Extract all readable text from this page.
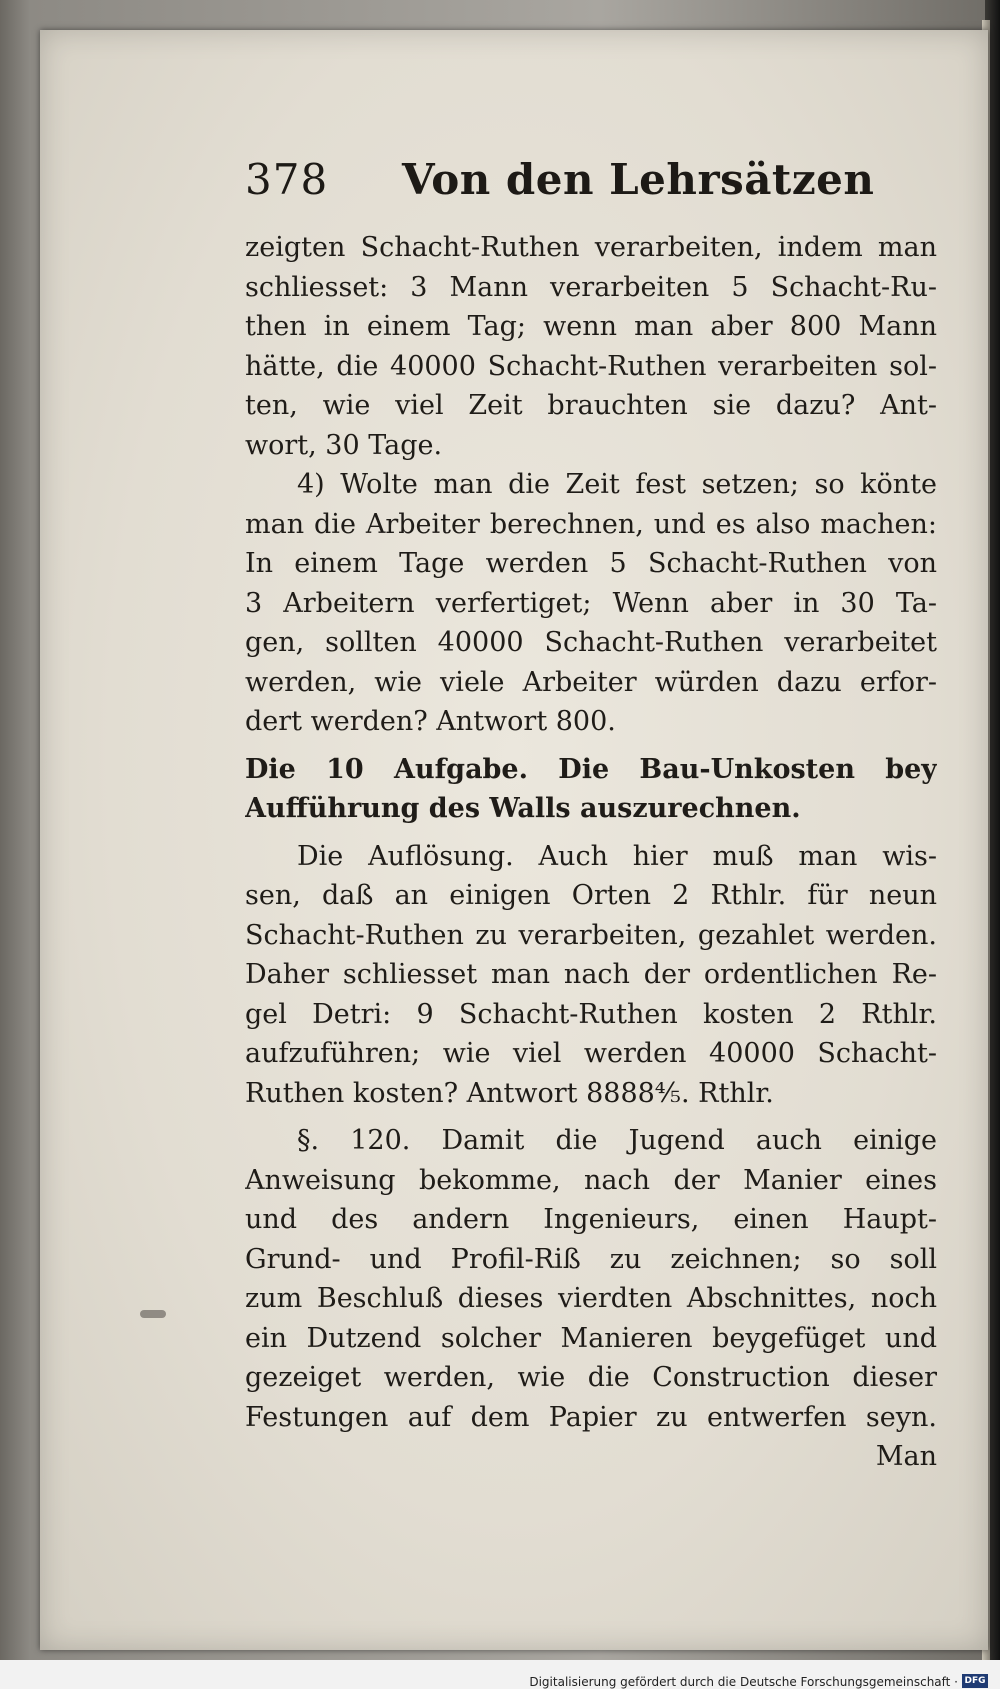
378 Von den Lehrsätzen
zeigten Schacht-Ruthen verarbeiten, indem man
schliesset: 3 Mann verarbeiten 5 Schacht-Ru-
then in einem Tag; wenn man aber 800 Mann
hätte, die 40000 Schacht-Ruthen verarbeiten sol-
ten, wie viel Zeit brauchten sie dazu? Ant-
wort, 30 Tage.
4) Wolte man die Zeit fest setzen; so könte
man die Arbeiter berechnen, und es also machen:
In einem Tage werden 5 Schacht-Ruthen von
3 Arbeitern verfertiget; Wenn aber in 30 Ta-
gen, sollten 40000 Schacht-Ruthen verarbeitet
werden, wie viele Arbeiter würden dazu erfor-
dert werden? Antwort 800.
Die 10 Aufgabe. Die Bau-Unkosten bey
Aufführung des Walls auszurechnen.
Die Auflösung. Auch hier muß man wis-
sen, daß an einigen Orten 2 Rthlr. für neun
Schacht-Ruthen zu verarbeiten, gezahlet werden.
Daher schliesset man nach der ordentlichen Re-
gel Detri: 9 Schacht-Ruthen kosten 2 Rthlr.
aufzuführen; wie viel werden 40000 Schacht-
Ruthen kosten? Antwort 8888⅘. Rthlr.
§. 120. Damit die Jugend auch einige
Anweisung bekomme, nach der Manier eines
und des andern Ingenieurs, einen Haupt-
Grund- und Profil-Riß zu zeichnen; so soll
zum Beschluß dieses vierdten Abschnittes, noch
ein Dutzend solcher Manieren beygefüget und
gezeiget werden, wie die Construction dieser
Festungen auf dem Papier zu entwerfen seyn.
Man
Digitalisierung gefördert durch die Deutsche Forschungsgemeinschaft · DFG
